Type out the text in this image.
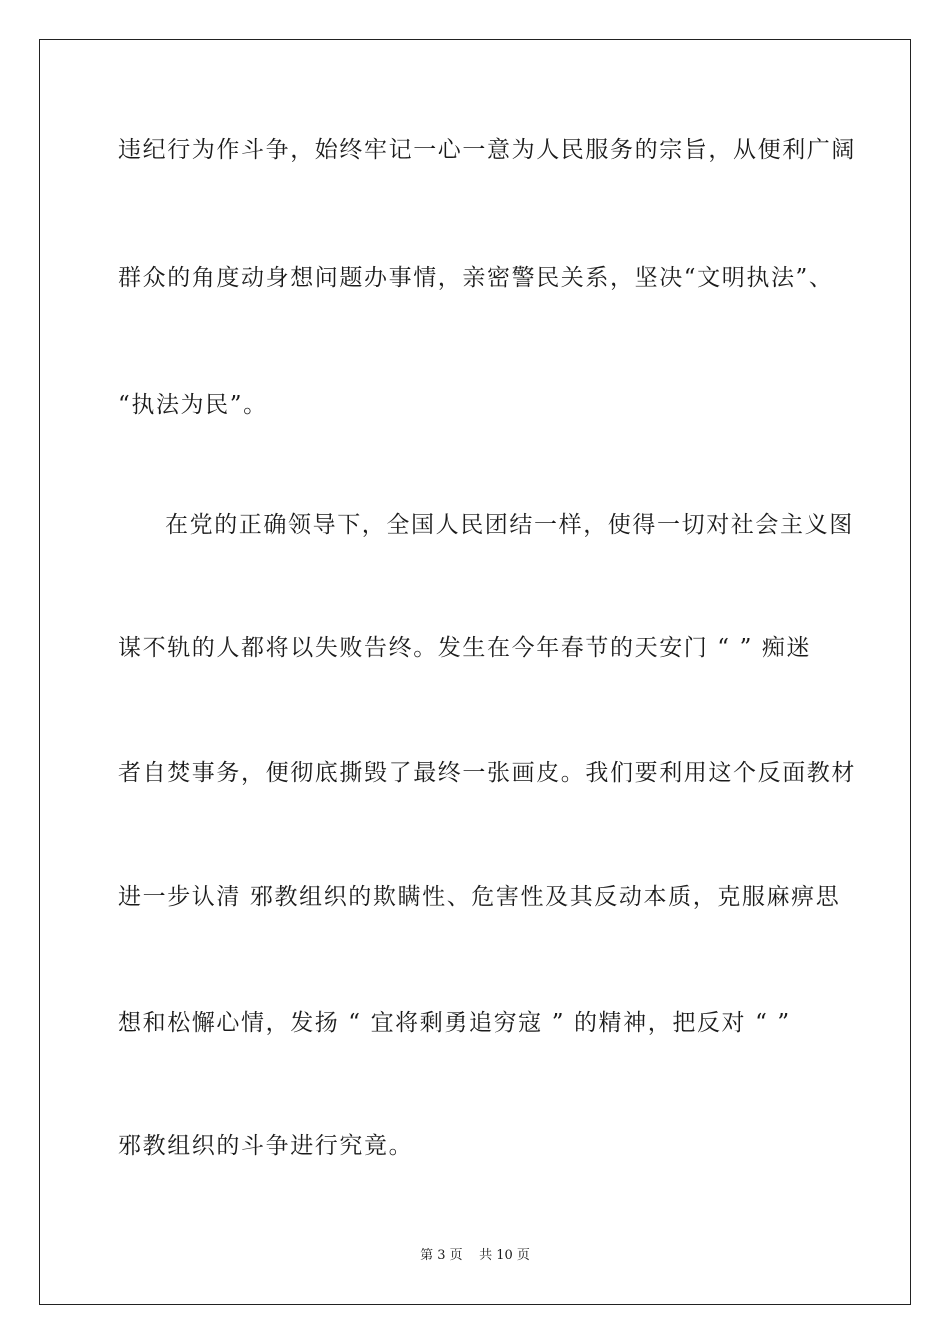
违纪行为作斗争，始终牢记一心一意为人民服务的宗旨，从便利广阔
群众的角度动身想问题办事情，亲密警民关系，坚决“文明执法”、
“执法为民”。
在党的正确领导下，全国人民团结一样，使得一切对社会主义图
谋不轨的人都将以失败告终。发生在今年春节的天安门 “ ” 痴迷
者自焚事务，便彻底撕毁了最终一张画皮。我们要利用这个反面教材
进一步认清 邪教组织的欺瞒性、危害性及其反动本质，克服麻痹思
想和松懈心情，发扬 “ 宜将剩勇追穷寇 ” 的精神，把反对 “ ”
邪教组织的斗争进行究竟。
第 3 页    共 10 页
